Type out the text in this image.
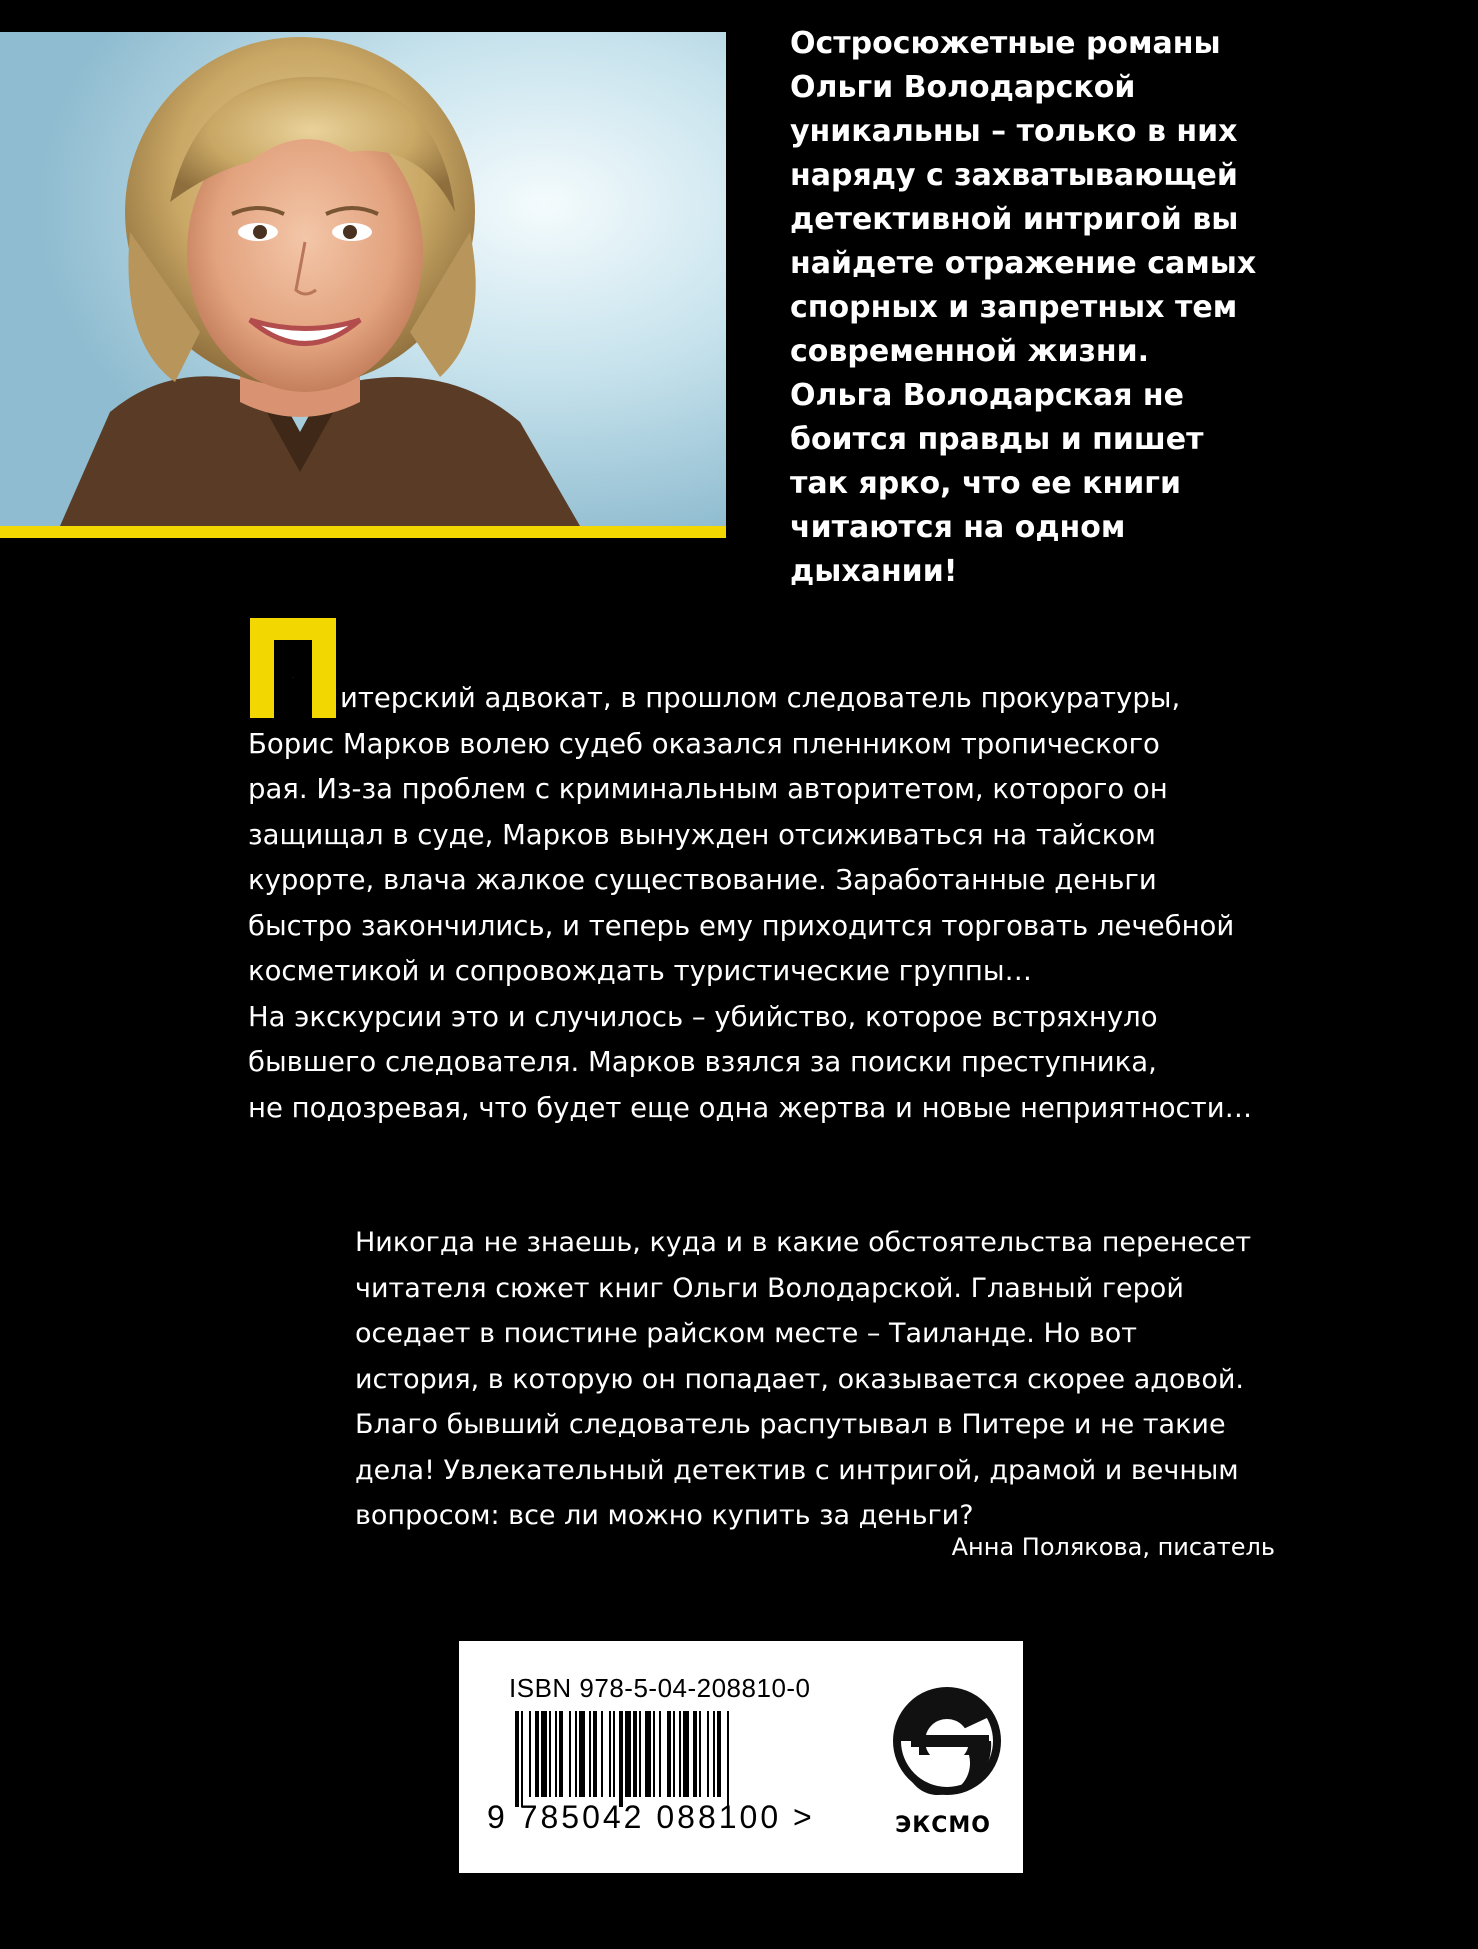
Остросюжетные романы
Ольги Володарской
уникальны – только в них
наряду с захватывающей
детективной интригой вы
найдете отражение самых
спорных и запретных тем
современной жизни.
Ольга Володарская не
боится правды и пишет
так ярко, что ее книги
читаются на одном
дыхании!
П
итерский адвокат, в прошлом следователь прокуратуры,
Борис Марков волею судеб оказался пленником тропического
рая. Из-за проблем с криминальным авторитетом, которого он
защищал в суде, Марков вынужден отсиживаться на тайском
курорте, влача жалкое существование. Заработанные деньги
быстро закончились, и теперь ему приходится торговать лечебной
косметикой и сопровождать туристические группы…
На экскурсии это и случилось – убийство, которое встряхнуло
бывшего следователя. Марков взялся за поиски преступника,
не подозревая, что будет еще одна жертва и новые неприятности…
Никогда не знаешь, куда и в какие обстоятельства перенесет
читателя сюжет книг Ольги Володарской. Главный герой
оседает в поистине райском месте – Таиланде. Но вот
история, в которую он попадает, оказывается скорее адовой.
Благо бывший следователь распутывал в Питере и не такие
дела! Увлекательный детектив с интригой, драмой и вечным
вопросом: все ли можно купить за деньги?
Анна Полякова, писатель
ISBN 978-5-04-208810-0
9 785042 088100 >	ЭКСМО
